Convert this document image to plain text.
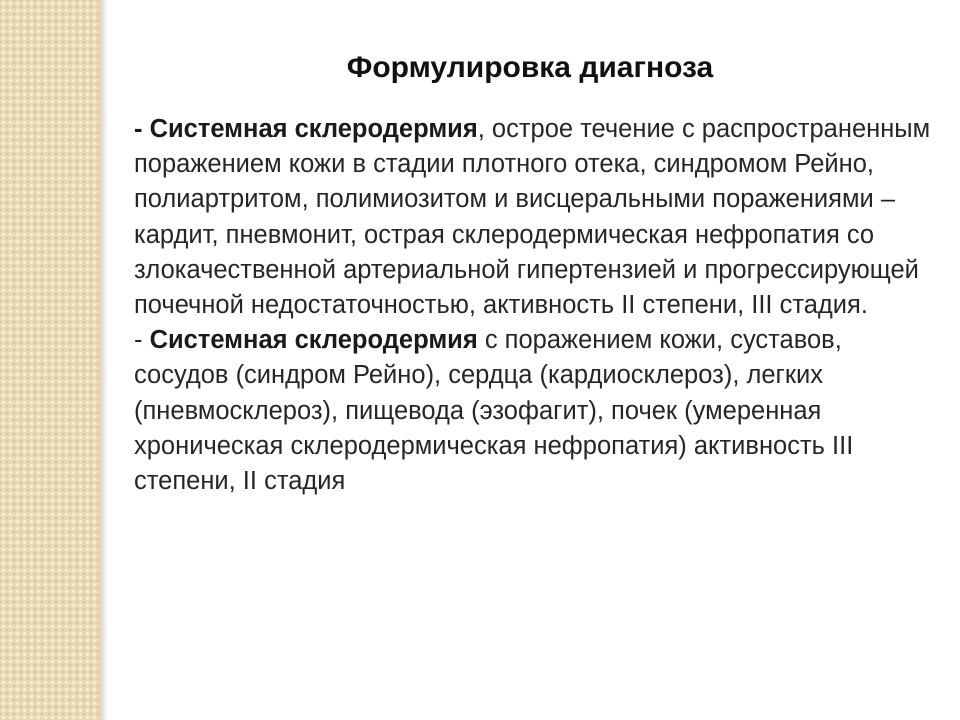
Формулировка диагноза

- Системная склеродермия, острое течение с распространенным поражением кожи в стадии плотного отека, синдромом Рейно, полиартритом, полимиозитом и висцеральными поражениями – кардит, пневмонит, острая склеродермическая нефропатия со злокачественной артериальной гипертензией и прогрессирующей почечной недостаточностью, активность II степени, III стадия.

- Системная склеродермия с поражением кожи, суставов, сосудов (синдром Рейно), сердца (кардиосклероз), легких (пневмосклероз), пищевода (эзофагит), почек (умеренная хроническая склеродермическая нефропатия) активность III степени, II стадия
